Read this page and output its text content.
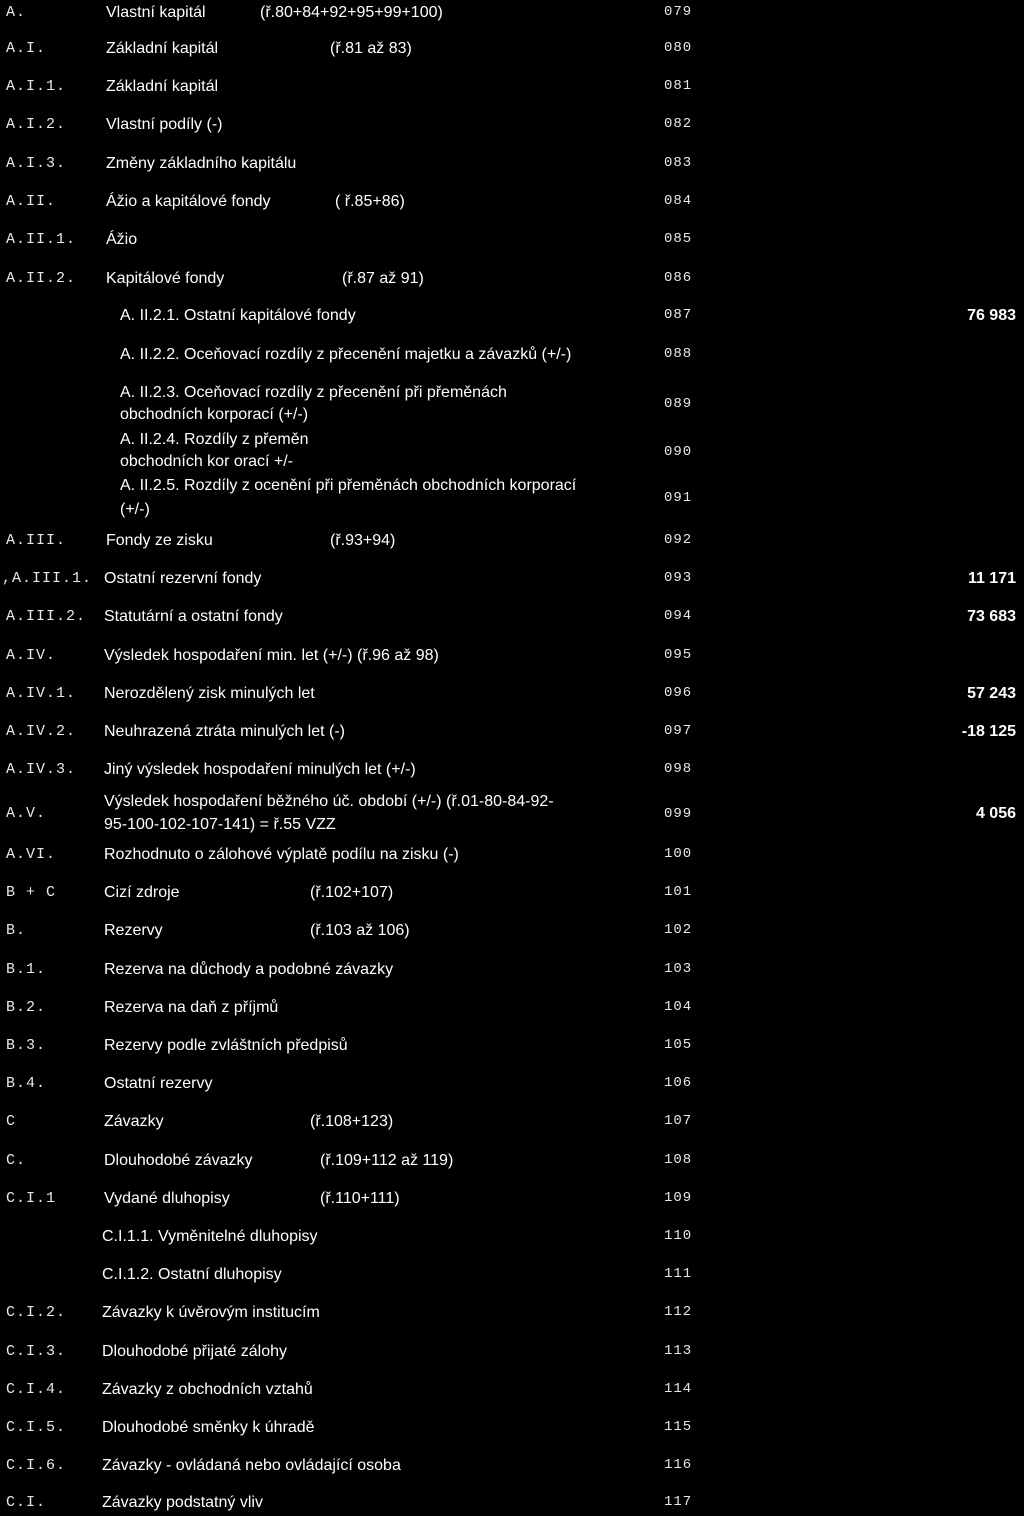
A.	Vlastní kapitál	(ř.80+84+92+95+99+100)	079
A.I.	Základní kapitál	(ř.81 až 83)	080
A.I.1. Základní kapitál	081
A.I.2. Vlastní podíly (-)	082
A.I.3. Změny základního kapitálu	083
A.II.	Ážio a kapitálové fondy	( ř.85+86)	084
A.II.1. Ážio	085
A.II.2. Kapitálové fondy	(ř.87 až 91)	086
A. II.2.1. Ostatní kapitálové fondy	087	76 983
A. II.2.2. Oceňovací rozdíly z přecenění majetku a závazků (+/-)	088
A. II.2.3. Oceňovací rozdíly z přecenění při přeměnách
obchodních korporací (+/-)
089
A. II.2.4. Rozdíly z přeměn
obchodních kor orací +/-
090
A. II.2.5. Rozdíly z ocenění při přeměnách obchodních korporací
(+/-)
091
A.III. Fondy ze zisku	(ř.93+94)	092
,A.III.1. Ostatní rezervní fondy	093	11 171
A.III.2. Statutární a ostatní fondy	094	73 683
A.IV.	Výsledek hospodaření min. let (+/-) (ř.96 až 98)	095
A.IV.1. Nerozdělený zisk minulých let	096	57 243
A.IV.2. Neuhrazená ztráta minulých let (-)	097	-18 125
A.IV.3. Jiný výsledek hospodaření minulých let (+/-)	098
A.V.
Výsledek hospodaření běžného úč. období (+/-) (ř.01-80-84-92-
95-100-102-107-141) = ř.55 VZZ
099	4 056
A.VI.	Rozhodnuto o zálohové výplatě podílu na zisku (-)	100
B + C	Cizí zdroje	(ř.102+107)	101
B.	Rezervy	(ř.103 až 106)	102
B.1.	Rezerva na důchody a podobné závazky	103
B.2.	Rezerva na daň z příjmů	104
B.3.	Rezervy podle zvláštních předpisů	105
B.4.	Ostatní rezervy	106
C	Závazky	(ř.108+123)	107
C.	Dlouhodobé závazky	(ř.109+112 až 119)	108
C.I.1	Vydané dluhopisy	(ř.110+111)	109
C.I.1.1. Vyměnitelné dluhopisy	110
C.I.1.2. Ostatní dluhopisy	111
C.I.2. Závazky k úvěrovým institucím	112
C.I.3. Dlouhodobé přijaté zálohy	113
C.I.4. Závazky z obchodních vztahů	114
C.I.5. Dlouhodobé směnky k úhradě	115
C.I.6. Závazky - ovládaná nebo ovládající osoba	116
C.I.	Závazky podstatný vliv	117
